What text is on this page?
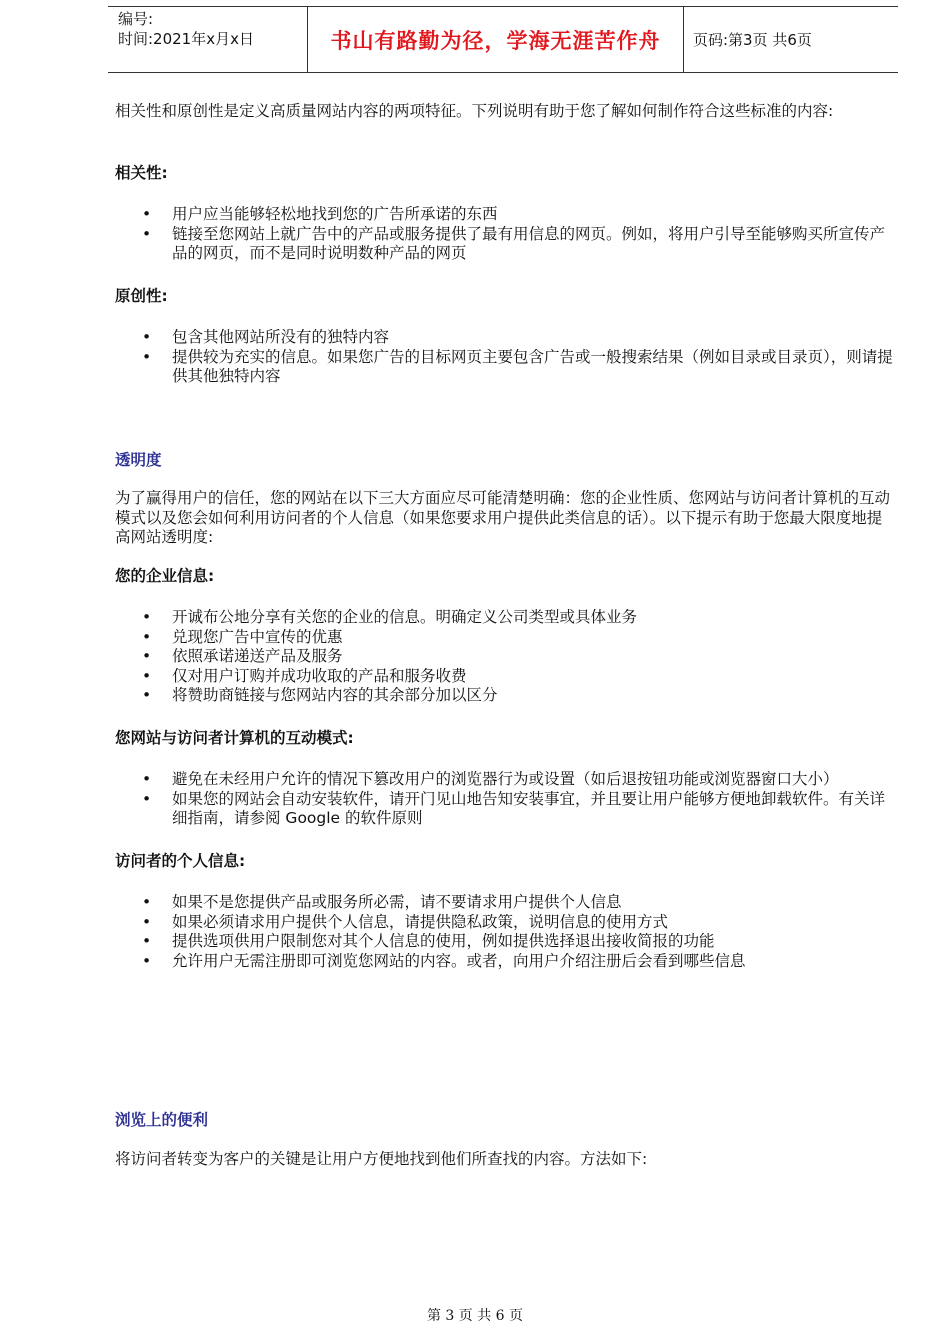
编号:
时间:2021年x月x日	书山有路勤为径，学海无涯苦作舟	页码:第3页 共6页

相关性和原创性是定义高质量网站内容的两项特征。下列说明有助于您了解如何制作符合这些标准的内容:

相关性:

• 用户应当能够轻松地找到您的广告所承诺的东西
• 链接至您网站上就广告中的产品或服务提供了最有用信息的网页。例如，将用户引导至能够购买所宣传产品的网页，而不是同时说明数种产品的网页

原创性:

• 包含其他网站所没有的独特内容
• 提供较为充实的信息。如果您广告的目标网页主要包含广告或一般搜索结果（例如目录或目录页），则请提供其他独特内容

透明度

为了赢得用户的信任，您的网站在以下三大方面应尽可能清楚明确：您的企业性质、您网站与访问者计算机的互动模式以及您会如何利用访问者的个人信息（如果您要求用户提供此类信息的话）。以下提示有助于您最大限度地提高网站透明度:

您的企业信息:

• 开诚布公地分享有关您的企业的信息。明确定义公司类型或具体业务
• 兑现您广告中宣传的优惠
• 依照承诺递送产品及服务
• 仅对用户订购并成功收取的产品和服务收费
• 将赞助商链接与您网站内容的其余部分加以区分

您网站与访问者计算机的互动模式:

• 避免在未经用户允许的情况下篡改用户的浏览器行为或设置（如后退按钮功能或浏览器窗口大小）
• 如果您的网站会自动安装软件，请开门见山地告知安装事宜，并且要让用户能够方便地卸载软件。有关详细指南，请参阅 Google 的软件原则

访问者的个人信息:

• 如果不是您提供产品或服务所必需，请不要请求用户提供个人信息
• 如果必须请求用户提供个人信息，请提供隐私政策，说明信息的使用方式
• 提供选项供用户限制您对其个人信息的使用，例如提供选择退出接收简报的功能
• 允许用户无需注册即可浏览您网站的内容。或者，向用户介绍注册后会看到哪些信息

浏览上的便利

将访问者转变为客户的关键是让用户方便地找到他们所查找的内容。方法如下:

第 3 页 共 6 页
